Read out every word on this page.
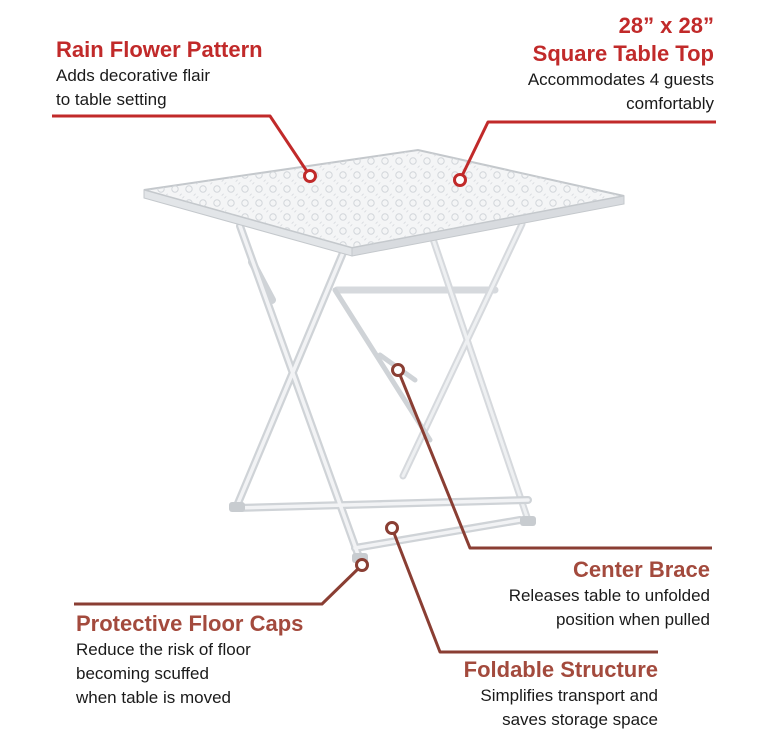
Rain Flower Pattern
Adds decorative flair
to table setting
28” x 28”
Square Table Top
Accommodates 4 guests
comfortably
Center Brace
Releases table to unfolded
position when pulled
Protective Floor Caps
Reduce the risk of floor
becoming scuffed
when table is moved
Foldable Structure
Simplifies transport and
saves storage space
